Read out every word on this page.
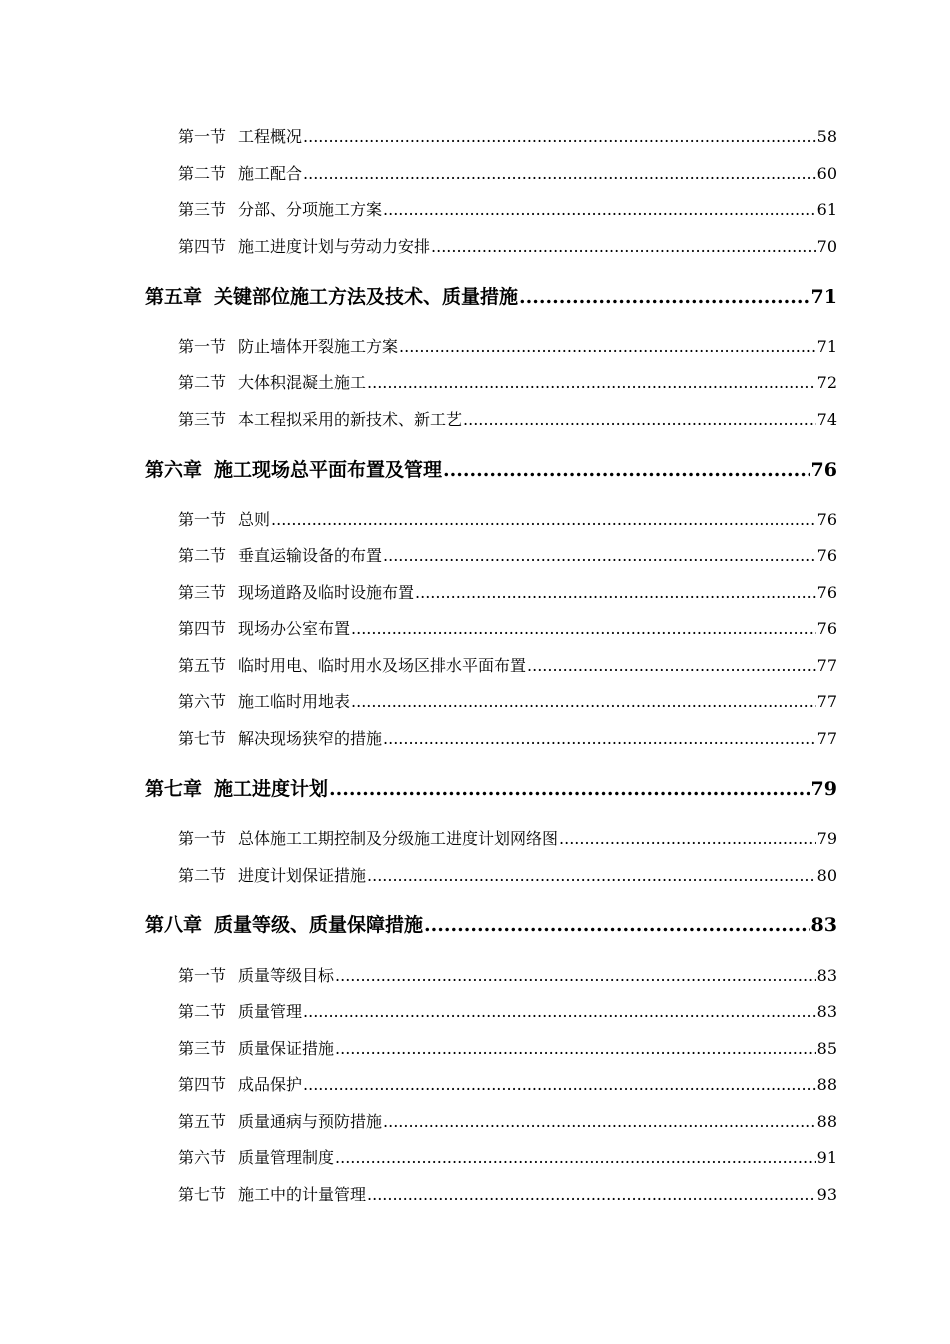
第一节 工程概况 .....	58
第二节 施工配合 .....	60
第三节 分部、分项施工方案 .....	61
第四节 施工进度计划与劳动力安排 .....	70
第五章 关键部位施工方法及技术、质量措施 .....	71
第一节 防止墙体开裂施工方案 .....	71
第二节 大体积混凝土施工 .....	72
第三节 本工程拟采用的新技术、新工艺 .....	74
第六章 施工现场总平面布置及管理 .....	76
第一节 总则 .....	76
第二节 垂直运输设备的布置 .....	76
第三节 现场道路及临时设施布置 .....	76
第四节 现场办公室布置 .....	76
第五节 临时用电、临时用水及场区排水平面布置 .....	77
第六节 施工临时用地表 .....	77
第七节 解决现场狭窄的措施 .....	77
第七章 施工进度计划 .....	79
第一节 总体施工工期控制及分级施工进度计划网络图 .....	79
第二节 进度计划保证措施 .....	80
第八章 质量等级、质量保障措施 .....	83
第一节 质量等级目标 .....	83
第二节 质量管理 .....	83
第三节 质量保证措施 .....	85
第四节 成品保护 .....	88
第五节 质量通病与预防措施 .....	88
第六节 质量管理制度 .....	91
第七节 施工中的计量管理 .....	93
